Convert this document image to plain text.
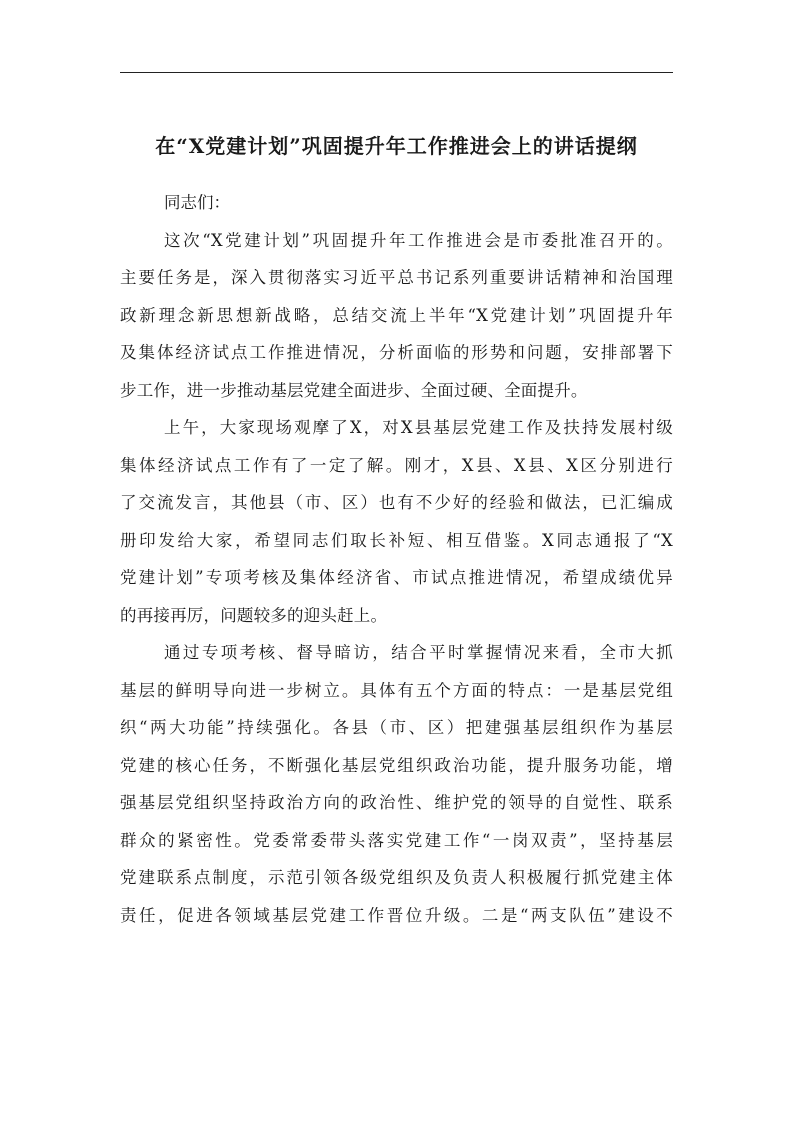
在“X党建计划”巩固提升年工作推进会上的讲话提纲

同志们：

这次“X党建计划”巩固提升年工作推进会是市委批准召开的。
主要任务是，深入贯彻落实习近平总书记系列重要讲话精神和治国理
政新理念新思想新战略，总结交流上半年“X党建计划”巩固提升年
及集体经济试点工作推进情况，分析面临的形势和问题，安排部署下
步工作，进一步推动基层党建全面进步、全面过硬、全面提升。

上午，大家现场观摩了X，对X县基层党建工作及扶持发展村级
集体经济试点工作有了一定了解。刚才，X县、X县、X区分别进行
了交流发言，其他县（市、区）也有不少好的经验和做法，已汇编成
册印发给大家，希望同志们取长补短、相互借鉴。X同志通报了“X
党建计划”专项考核及集体经济省、市试点推进情况，希望成绩优异
的再接再厉，问题较多的迎头赶上。

通过专项考核、督导暗访，结合平时掌握情况来看，全市大抓
基层的鲜明导向进一步树立。具体有五个方面的特点：一是基层党组
织“两大功能”持续强化。各县（市、区）把建强基层组织作为基层
党建的核心任务，不断强化基层党组织政治功能，提升服务功能，增
强基层党组织坚持政治方向的政治性、维护党的领导的自觉性、联系
群众的紧密性。党委常委带头落实党建工作“一岗双责”，坚持基层
党建联系点制度，示范引领各级党组织及负责人积极履行抓党建主体
责任，促进各领域基层党建工作晋位升级。二是“两支队伍”建设不
